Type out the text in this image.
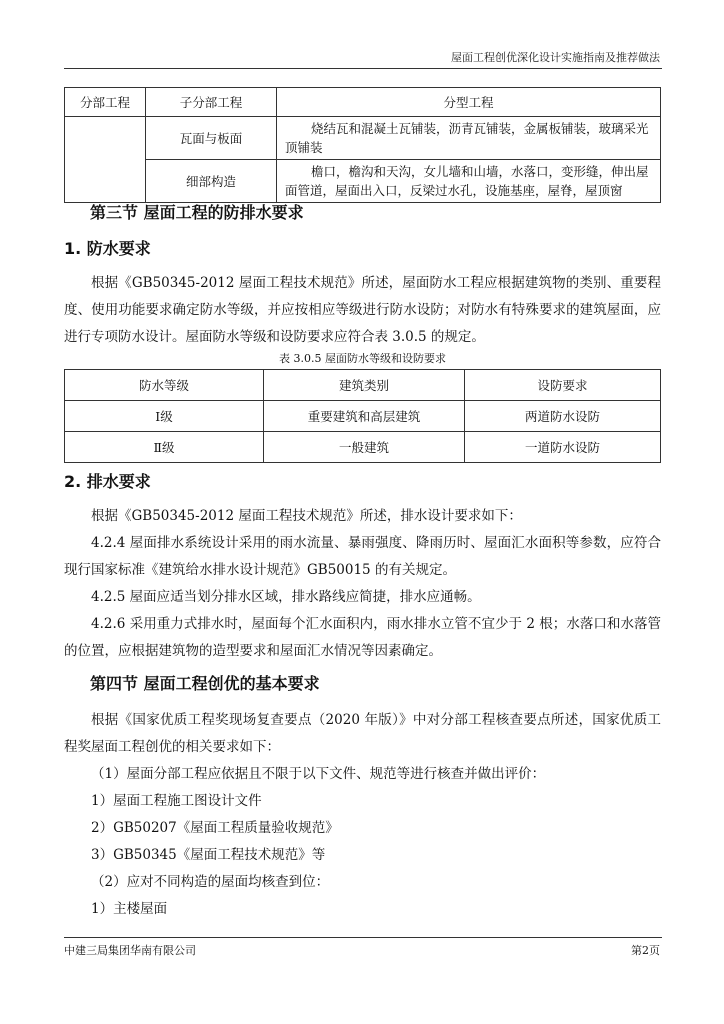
屋面工程创优深化设计实施指南及推荐做法
分部工程	子分部工程	分型工程
	瓦面与板面	烧结瓦和混凝土瓦铺装，沥青瓦铺装，金属板铺装，玻璃采光顶铺装
	细部构造	檐口，檐沟和天沟，女儿墙和山墙，水落口，变形缝，伸出屋面管道，屋面出入口，反梁过水孔，设施基座，屋脊，屋顶窗
第三节 屋面工程的防排水要求
1. 防水要求

根据《GB50345-2012 屋面工程技术规范》所述，屋面防水工程应根据建筑物的类别、重要程度、使用功能要求确定防水等级，并应按相应等级进行防水设防；对防水有特殊要求的建筑屋面，应进行专项防水设计。屋面防水等级和设防要求应符合表 3.0.5 的规定。

表 3.0.5 屋面防水等级和设防要求

防水等级	建筑类别	设防要求
Ⅰ级	重要建筑和高层建筑	两道防水设防
Ⅱ级	一般建筑	一道防水设防
2. 排水要求

根据《GB50345-2012 屋面工程技术规范》所述，排水设计要求如下：

4.2.4 屋面排水系统设计采用的雨水流量、暴雨强度、降雨历时、屋面汇水面积等参数，应符合现行国家标准《建筑给水排水设计规范》GB50015 的有关规定。

4.2.5 屋面应适当划分排水区域，排水路线应简捷，排水应通畅。

4.2.6 采用重力式排水时，屋面每个汇水面积内，雨水排水立管不宜少于 2 根；水落口和水落管的位置，应根据建筑物的造型要求和屋面汇水情况等因素确定。

第四节 屋面工程创优的基本要求

根据《国家优质工程奖现场复查要点（2020 年版）》中对分部工程核查要点所述，国家优质工程奖屋面工程创优的相关要求如下：

（1）屋面分部工程应依据且不限于以下文件、规范等进行核查并做出评价：

1）屋面工程施工图设计文件

2）GB50207《屋面工程质量验收规范》

3）GB50345《屋面工程技术规范》等

（2）应对不同构造的屋面均核查到位：

1）主楼屋面

中建三局集团华南有限公司	第2页
